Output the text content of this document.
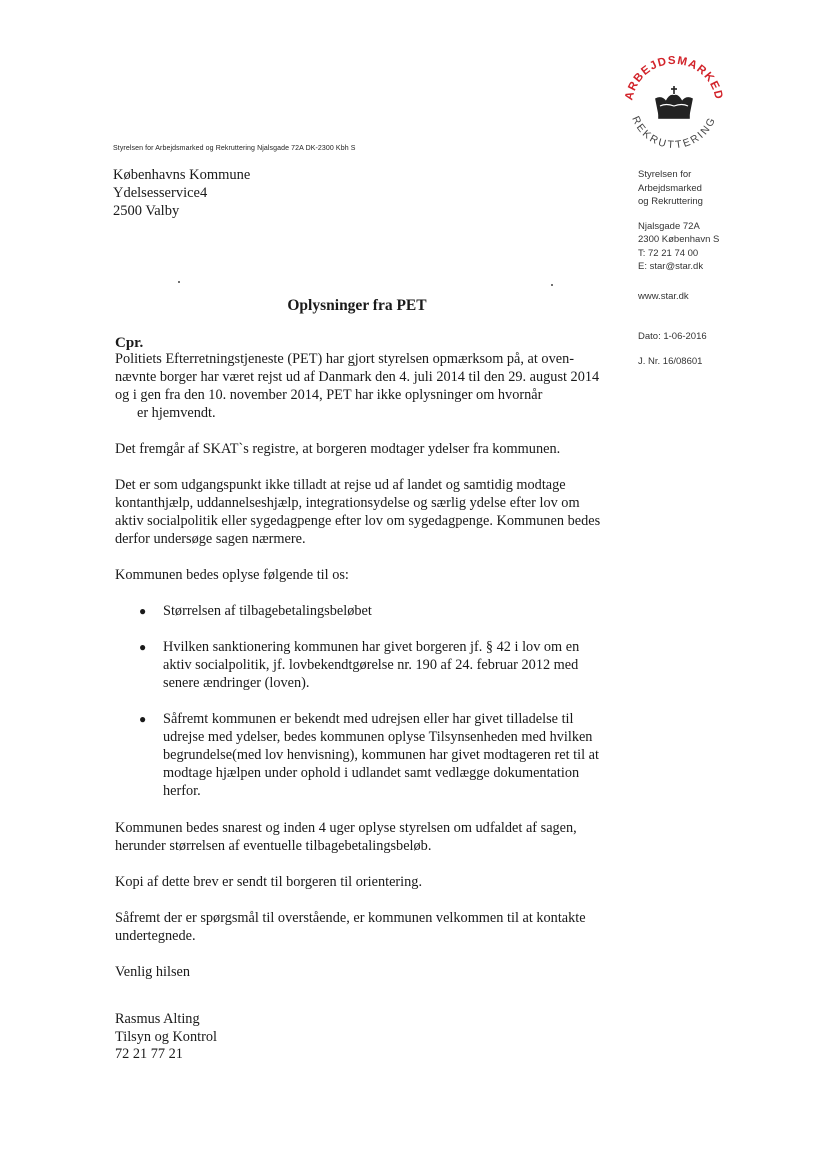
Styrelsen for Arbejdsmarked og Rekruttering Njalsgade 72A DK-2300 Kbh S
Københavns Kommune
Ydelsesservice4
2500 Valby
ARBEJDSMARKED
REKRUTTERING
Styrelsen for
Arbejdsmarked
og Rekruttering
Njalsgade 72A
2300 København S
T: 72 21 74 00
E: star@star.dk
www.star.dk
Dato: 1-06-2016
J. Nr. 16/08601
Oplysninger fra PET
Cpr.

Politiets Efterretningstjeneste (PET) har gjort styrelsen opmærksom på, at oven-nævnte borger har været rejst ud af Danmark den 4. juli 2014 til den 29. august 2014 og i gen fra den 10. november 2014, PET har ikke oplysninger om hvornår
er hjemvendt.

Det fremgår af SKAT`s registre, at borgeren modtager ydelser fra kommunen.

Det er som udgangspunkt ikke tilladt at rejse ud af landet og samtidig modtage kontanthjælp, uddannelseshjælp, integrationsydelse og særlig ydelse efter lov om aktiv socialpolitik eller sygedagpenge efter lov om sygedagpenge. Kommunen bedes derfor undersøge sagen nærmere.

Kommunen bedes oplyse følgende til os:

● Størrelsen af tilbagebetalingsbeløbet
● Hvilken sanktionering kommunen har givet borgeren jf. § 42 i lov om en aktiv socialpolitik, jf. lovbekendtgørelse nr. 190 af 24. februar 2012 med senere ændringer (loven).
● Såfremt kommunen er bekendt med udrejsen eller har givet tilladelse til udrejse med ydelser, bedes kommunen oplyse Tilsynsenheden med hvilken begrundelse(med lov henvisning), kommunen har givet modtageren ret til at modtage hjælpen under ophold i udlandet samt vedlægge dokumentation herfor.

Kommunen bedes snarest og inden 4 uger oplyse styrelsen om udfaldet af sagen, herunder størrelsen af eventuelle tilbagebetalingsbeløb.

Kopi af dette brev er sendt til borgeren til orientering.

Såfremt der er spørgsmål til overstående, er kommunen velkommen til at kontakte undertegnede.

Venlig hilsen

Rasmus Alting
Tilsyn og Kontrol
72 21 77 21
